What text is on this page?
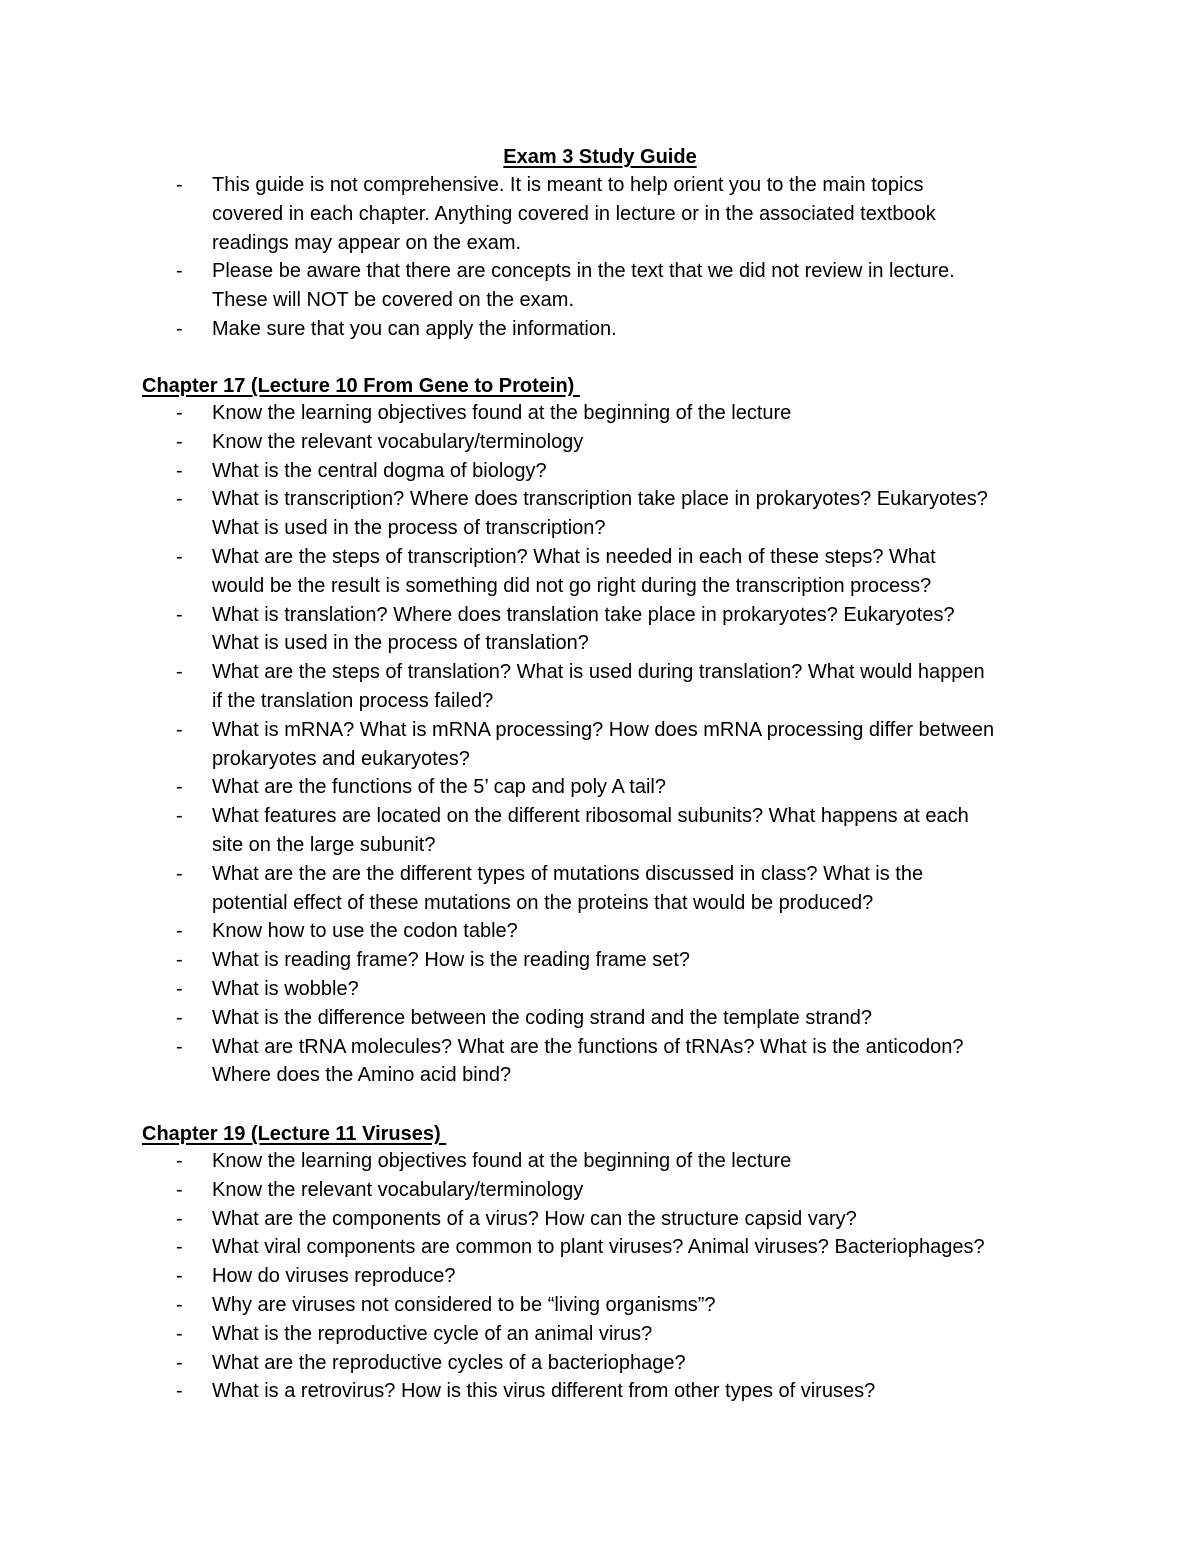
Exam 3 Study Guide
- This guide is not comprehensive. It is meant to help orient you to the main topics
covered in each chapter. Anything covered in lecture or in the associated textbook
readings may appear on the exam.
- Please be aware that there are concepts in the text that we did not review in lecture.
These will NOT be covered on the exam.
- Make sure that you can apply the information.
Chapter 17 (Lecture 10 From Gene to Protein)
- Know the learning objectives found at the beginning of the lecture
- Know the relevant vocabulary/terminology
- What is the central dogma of biology?
- What is transcription? Where does transcription take place in prokaryotes? Eukaryotes?
What is used in the process of transcription?
- What are the steps of transcription? What is needed in each of these steps? What
would be the result is something did not go right during the transcription process?
- What is translation? Where does translation take place in prokaryotes? Eukaryotes?
What is used in the process of translation?
- What are the steps of translation? What is used during translation? What would happen
if the translation process failed?
- What is mRNA? What is mRNA processing? How does mRNA processing differ between
prokaryotes and eukaryotes?
- What are the functions of the 5’ cap and poly A tail?
- What features are located on the different ribosomal subunits? What happens at each
site on the large subunit?
- What are the are the different types of mutations discussed in class? What is the
potential effect of these mutations on the proteins that would be produced?
- Know how to use the codon table?
- What is reading frame? How is the reading frame set?
- What is wobble?
- What is the difference between the coding strand and the template strand?
- What are tRNA molecules? What are the functions of tRNAs? What is the anticodon?
Where does the Amino acid bind?
Chapter 19 (Lecture 11 Viruses)
- Know the learning objectives found at the beginning of the lecture
- Know the relevant vocabulary/terminology
- What are the components of a virus? How can the structure capsid vary?
- What viral components are common to plant viruses? Animal viruses? Bacteriophages?
- How do viruses reproduce?
- Why are viruses not considered to be “living organisms”?
- What is the reproductive cycle of an animal virus?
- What are the reproductive cycles of a bacteriophage?
- What is a retrovirus? How is this virus different from other types of viruses?
